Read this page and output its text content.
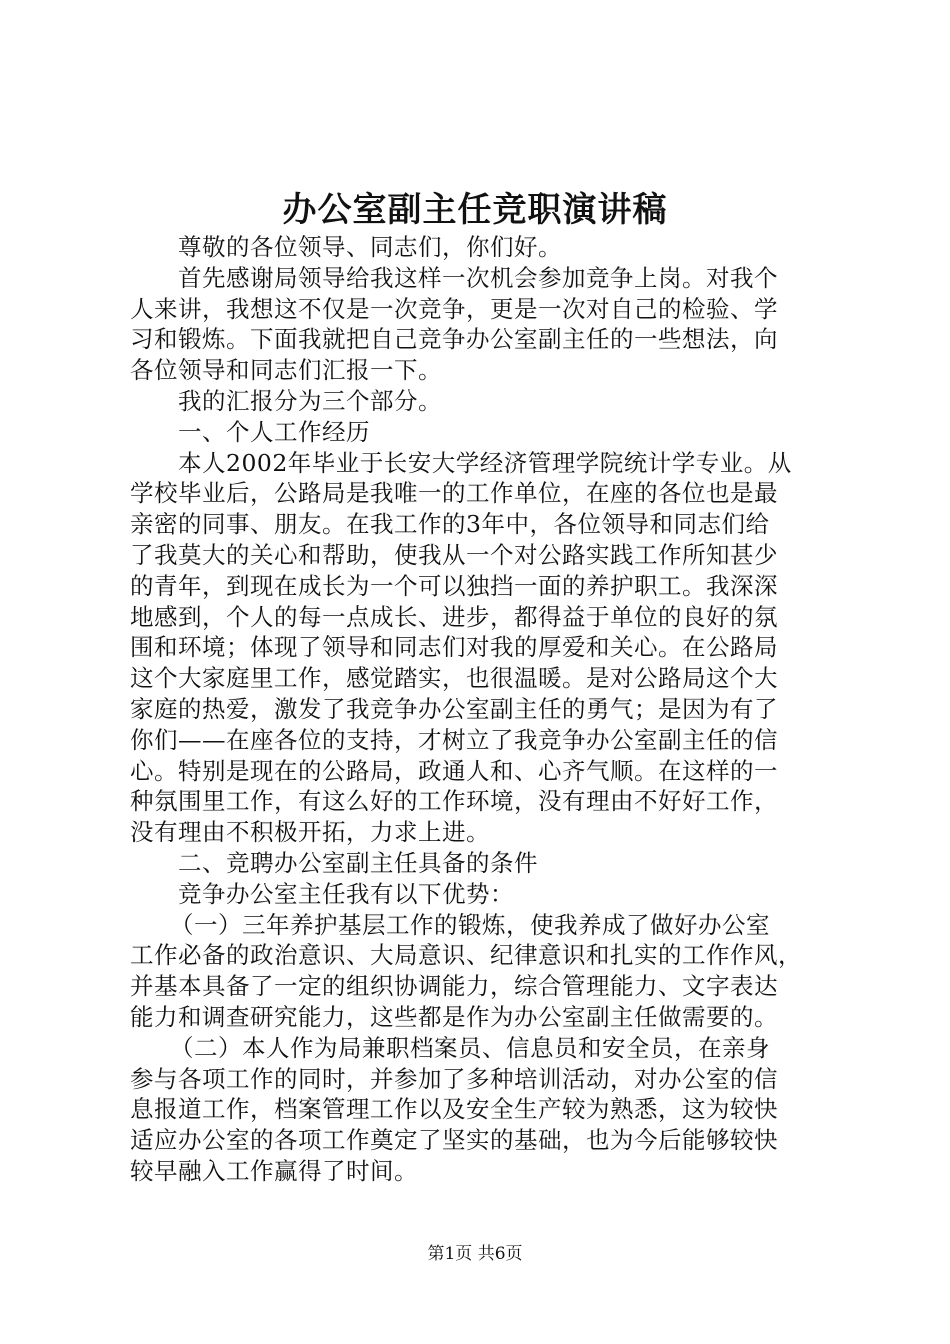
办公室副主任竞职演讲稿
尊敬的各位领导、同志们，你们好。
首先感谢局领导给我这样一次机会参加竞争上岗。对我个
人来讲，我想这不仅是一次竞争，更是一次对自己的检验、学
习和锻炼。下面我就把自己竞争办公室副主任的一些想法，向
各位领导和同志们汇报一下。
我的汇报分为三个部分。
一、个人工作经历
本人2002年毕业于长安大学经济管理学院统计学专业。从
学校毕业后，公路局是我唯一的工作单位，在座的各位也是最
亲密的同事、朋友。在我工作的3年中，各位领导和同志们给
了我莫大的关心和帮助，使我从一个对公路实践工作所知甚少
的青年，到现在成长为一个可以独挡一面的养护职工。我深深
地感到，个人的每一点成长、进步，都得益于单位的良好的氛
围和环境；体现了领导和同志们对我的厚爱和关心。在公路局
这个大家庭里工作，感觉踏实，也很温暖。是对公路局这个大
家庭的热爱，激发了我竞争办公室副主任的勇气；是因为有了
你们——在座各位的支持，才树立了我竞争办公室副主任的信
心。特别是现在的公路局，政通人和、心齐气顺。在这样的一
种氛围里工作，有这么好的工作环境，没有理由不好好工作，
没有理由不积极开拓，力求上进。
二、竞聘办公室副主任具备的条件
竞争办公室主任我有以下优势：
（一）三年养护基层工作的锻炼，使我养成了做好办公室
工作必备的政治意识、大局意识、纪律意识和扎实的工作作风，
并基本具备了一定的组织协调能力，综合管理能力、文字表达
能力和调查研究能力，这些都是作为办公室副主任做需要的。
（二）本人作为局兼职档案员、信息员和安全员，在亲身
参与各项工作的同时，并参加了多种培训活动，对办公室的信
息报道工作，档案管理工作以及安全生产较为熟悉，这为较快
适应办公室的各项工作奠定了坚实的基础，也为今后能够较快
较早融入工作赢得了时间。
第1页 共6页
